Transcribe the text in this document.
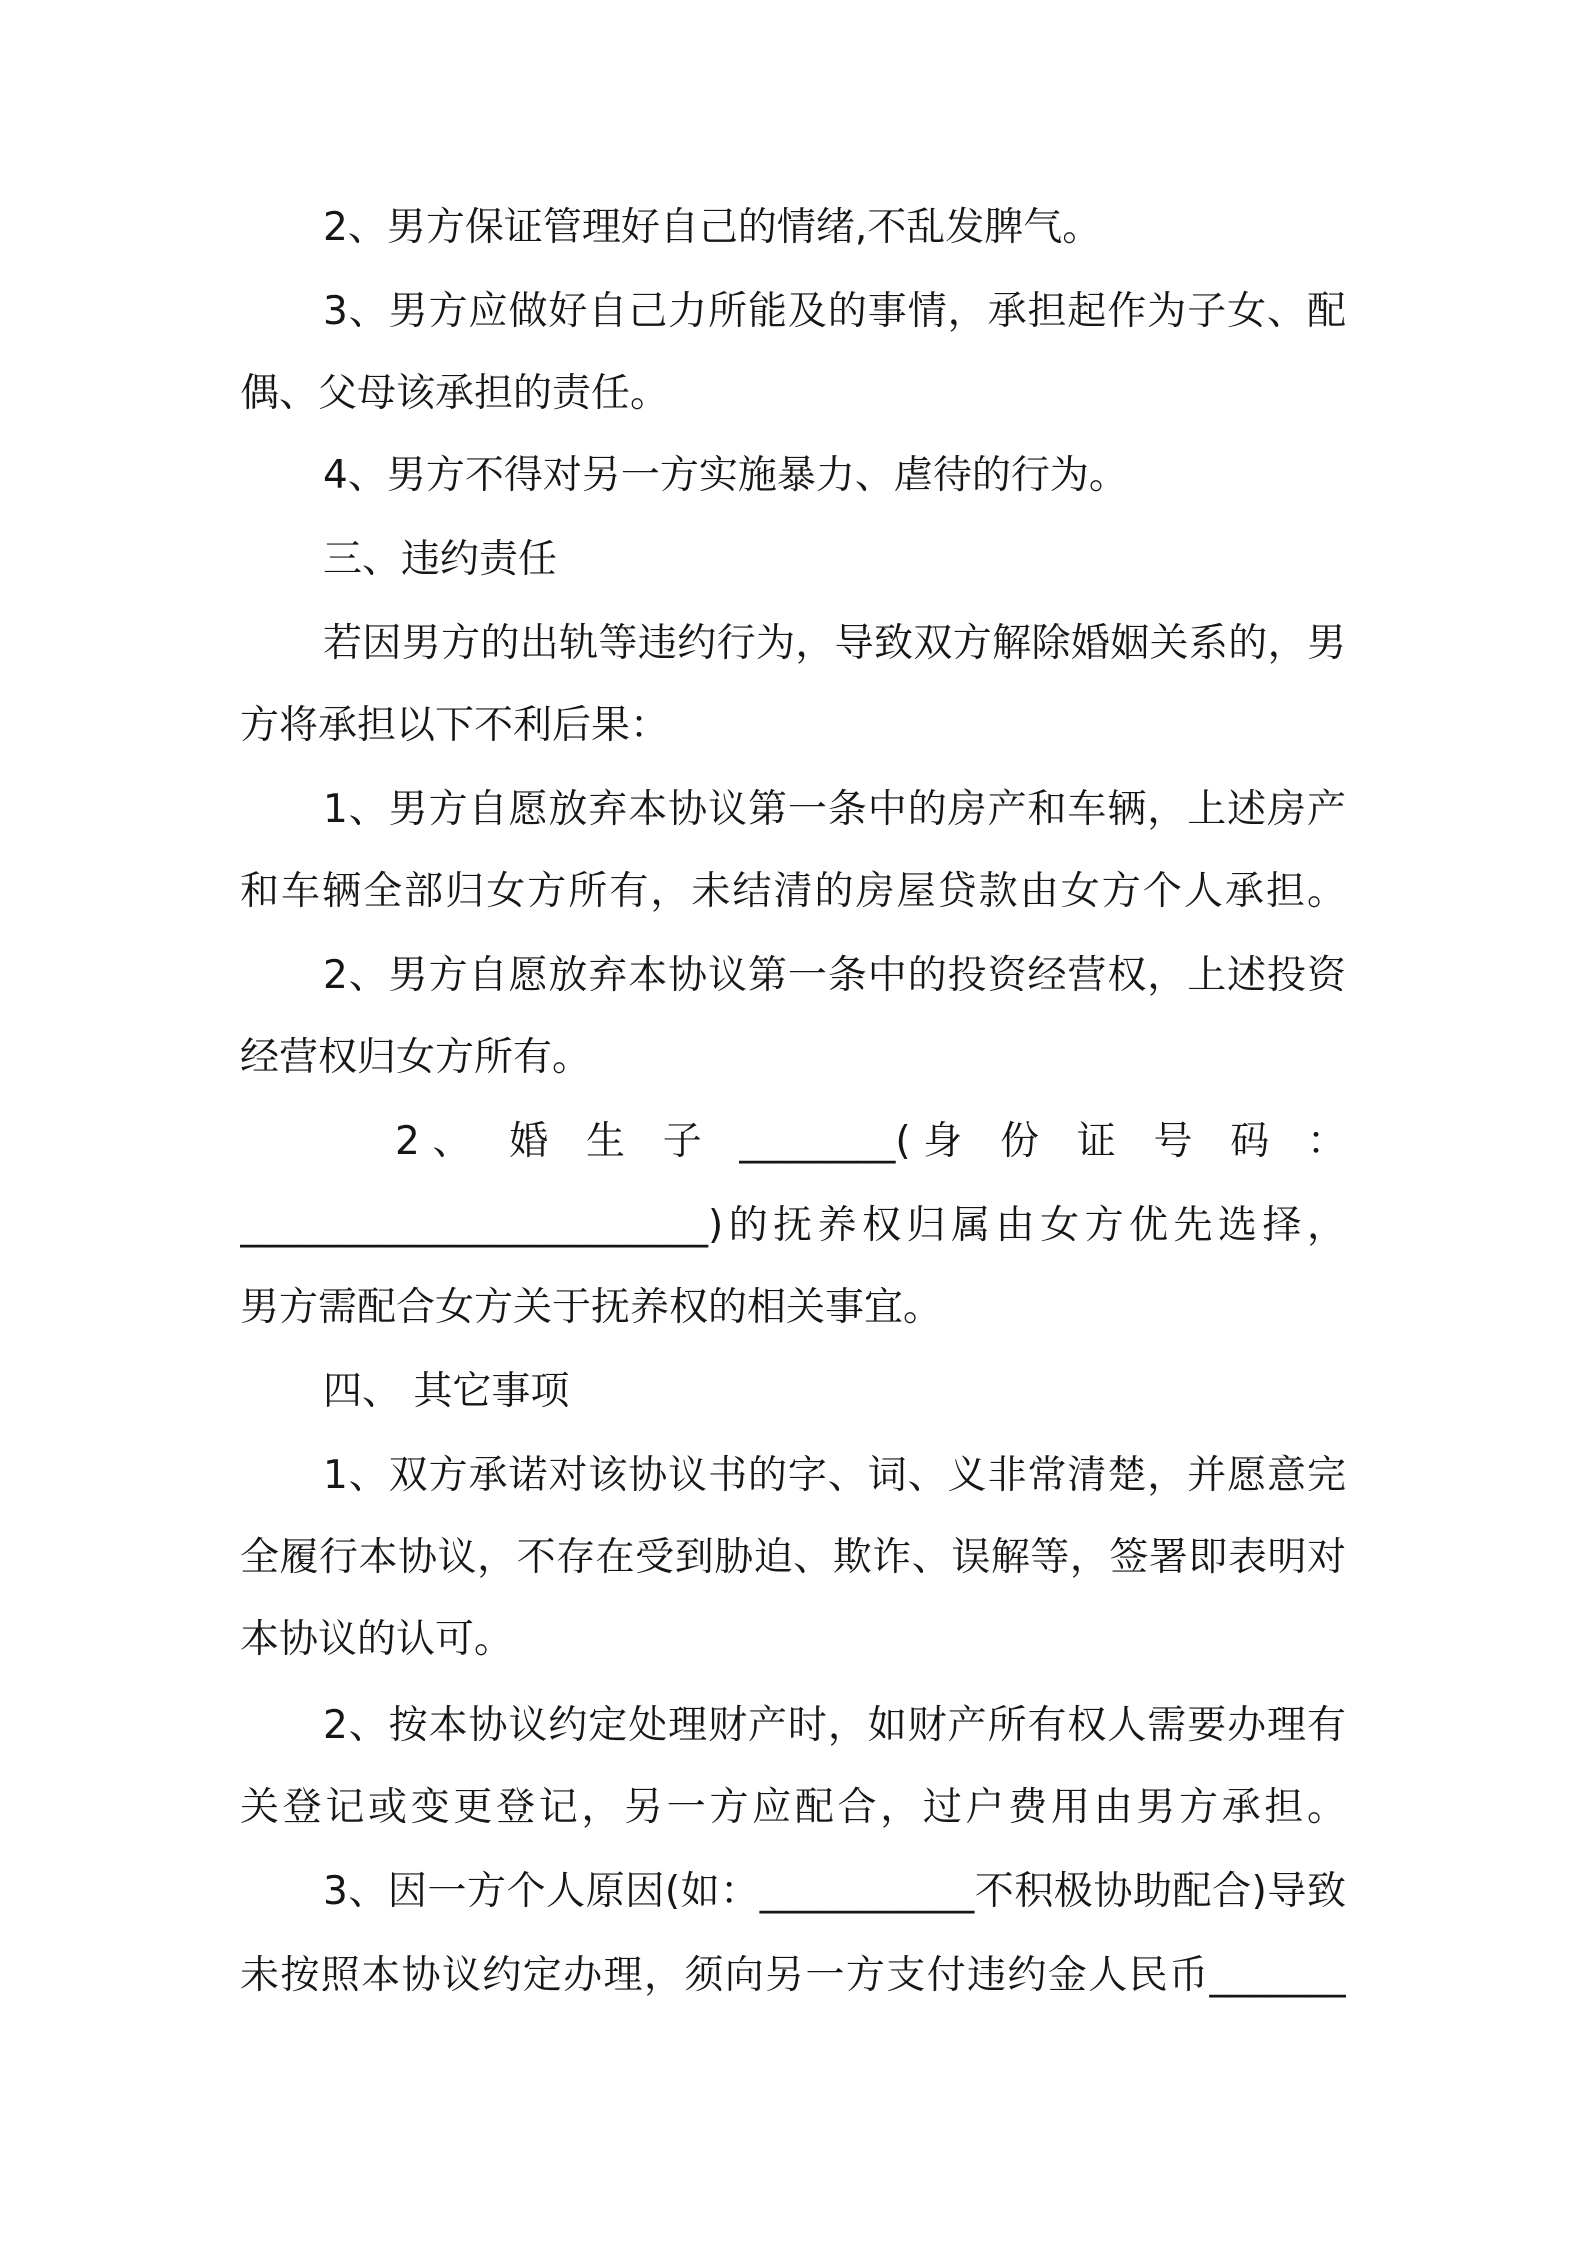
2、男方保证管理好自己的情绪,不乱发脾气。
3、男方应做好自己力所能及的事情，承担起作为子女、配
偶、父母该承担的责任。
4、男方不得对另一方实施暴力、虐待的行为。
三、违约责任
若因男方的出轨等违约行为，导致双方解除婚姻关系的，男
方将承担以下不利后果：
1、男方自愿放弃本协议第一条中的房产和车辆，上述房产
和车辆全部归女方所有，未结清的房屋贷款由女方个人承担。
2、男方自愿放弃本协议第一条中的投资经营权，上述投资
经营权归女方所有。
2、 婚 生 子 ________(身 份 证 号 码 ：
________________________)的抚养权归属由女方优先选择，
男方需配合女方关于抚养权的相关事宜。
四、 其它事项
1、双方承诺对该协议书的字、词、义非常清楚，并愿意完
全履行本协议，不存在受到胁迫、欺诈、误解等，签署即表明对
本协议的认可。
2、按本协议约定处理财产时，如财产所有权人需要办理有
关登记或变更登记，另一方应配合，过户费用由男方承担。
3、因一方个人原因(如：___________不积极协助配合)导致
未按照本协议约定办理，须向另一方支付违约金人民币_______
